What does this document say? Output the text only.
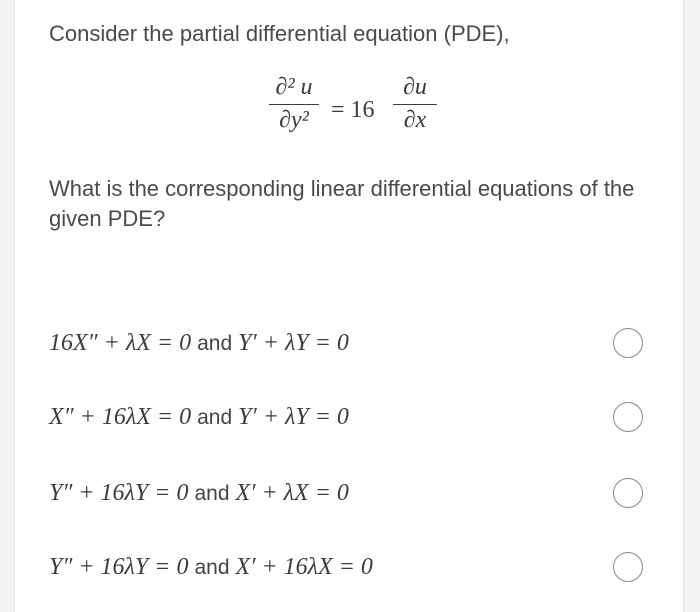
Consider the partial differential equation (PDE),

∂² u
∂y² = 16
∂u
∂x

What is the corresponding linear differential equations of the given PDE?

16X″ + λX = 0 and Y′ + λY = 0
X″ + 16λX = 0 and Y′ + λY = 0
Y″ + 16λY = 0 and X′ + λX = 0
Y″ + 16λY = 0 and X′ + 16λX = 0
